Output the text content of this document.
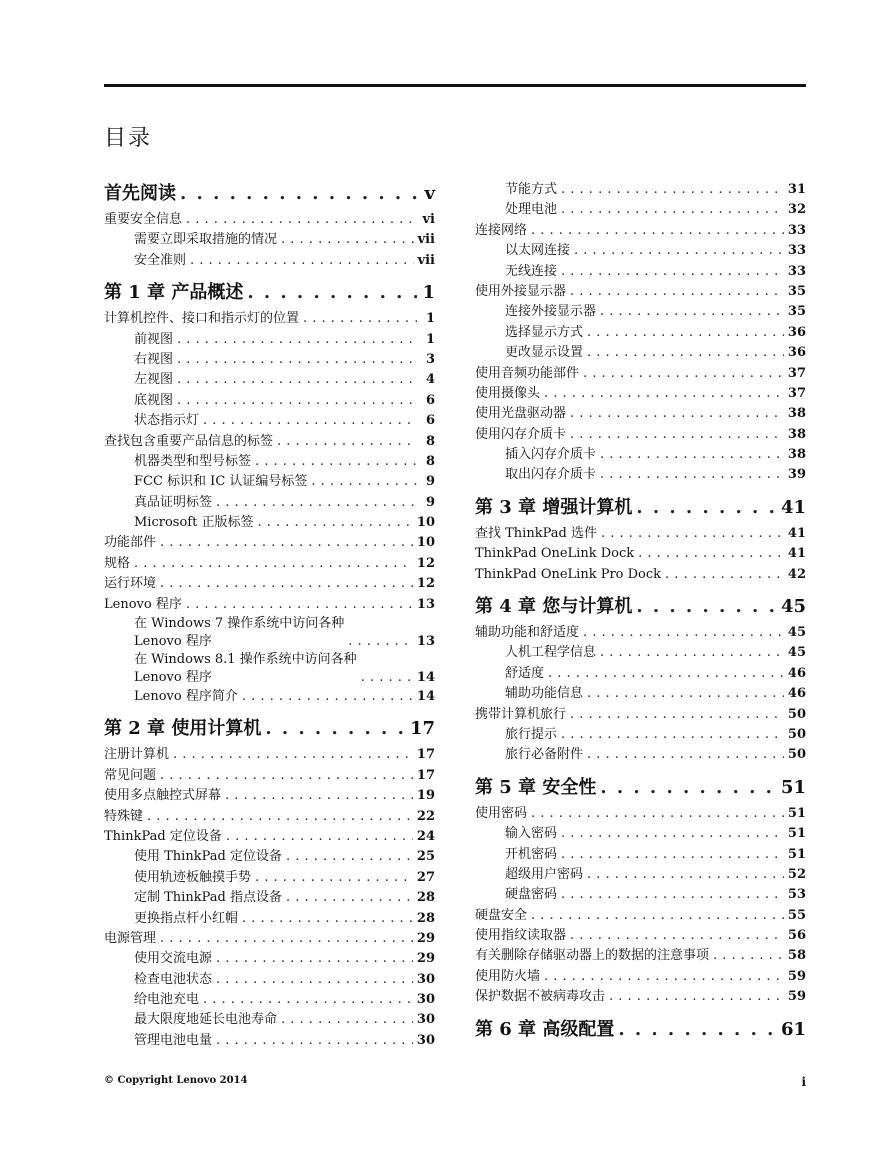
目录
首先阅读 . . .	v
重要安全信息 . . .	vi
需要立即采取措施的情况 . . .	vii
安全准则 . . .	vii
第 1 章 产品概述 . . .	1
计算机控件、接口和指示灯的位置 . . .	1
前视图 . . .	1
右视图 . . .	3
左视图 . . .	4
底视图 . . .	6
状态指示灯 . . .	6
查找包含重要产品信息的标签 . . .	8
机器类型和型号标签 . . .	8
FCC 标识和 IC 认证编号标签 . . .	9
真品证明标签 . . .	9
Microsoft 正版标签 . . .	10
功能部件 . . .	10
规格 . . .	12
运行环境 . . .	12
Lenovo 程序 . . .	13
在 Windows 7 操作系统中访问各种
Lenovo 程序 . . .	13
在 Windows 8.1 操作系统中访问各种
Lenovo 程序 . . .	14
Lenovo 程序简介 . . .	14
第 2 章 使用计算机 . . .	17
注册计算机 . . .	17
常见问题 . . .	17
使用多点触控式屏幕 . . .	19
特殊键 . . .	22
ThinkPad 定位设备 . . .	24
使用 ThinkPad 定位设备 . . .	25
使用轨迹板触摸手势 . . .	27
定制 ThinkPad 指点设备 . . .	28
更换指点杆小红帽 . . .	28
电源管理 . . .	29
使用交流电源 . . .	29
检查电池状态 . . .	30
给电池充电 . . .	30
最大限度地延长电池寿命 . . .	30
管理电池电量 . . .	30
节能方式 . . .	31
处理电池 . . .	32
连接网络 . . .	33
以太网连接 . . .	33
无线连接 . . .	33
使用外接显示器 . . .	35
连接外接显示器 . . .	35
选择显示方式 . . .	36
更改显示设置 . . .	36
使用音频功能部件 . . .	37
使用摄像头 . . .	37
使用光盘驱动器 . . .	38
使用闪存介质卡 . . .	38
插入闪存介质卡 . . .	38
取出闪存介质卡 . . .	39
第 3 章 增强计算机 . . .	41
查找 ThinkPad 选件 . . .	41
ThinkPad OneLink Dock . . .	41
ThinkPad OneLink Pro Dock . . .	42
第 4 章 您与计算机 . . .	45
辅助功能和舒适度 . . .	45
人机工程学信息 . . .	45
舒适度 . . .	46
辅助功能信息 . . .	46
携带计算机旅行 . . .	50
旅行提示 . . .	50
旅行必备附件 . . .	50
第 5 章 安全性 . . .	51
使用密码 . . .	51
输入密码 . . .	51
开机密码 . . .	51
超级用户密码 . . .	52
硬盘密码 . . .	53
硬盘安全 . . .	55
使用指纹读取器 . . .	56
有关删除存储驱动器上的数据的注意事项 . . .	58
使用防火墙 . . .	59
保护数据不被病毒攻击 . . .	59
第 6 章 高级配置 . . .	61
© Copyright Lenovo 2014	i
